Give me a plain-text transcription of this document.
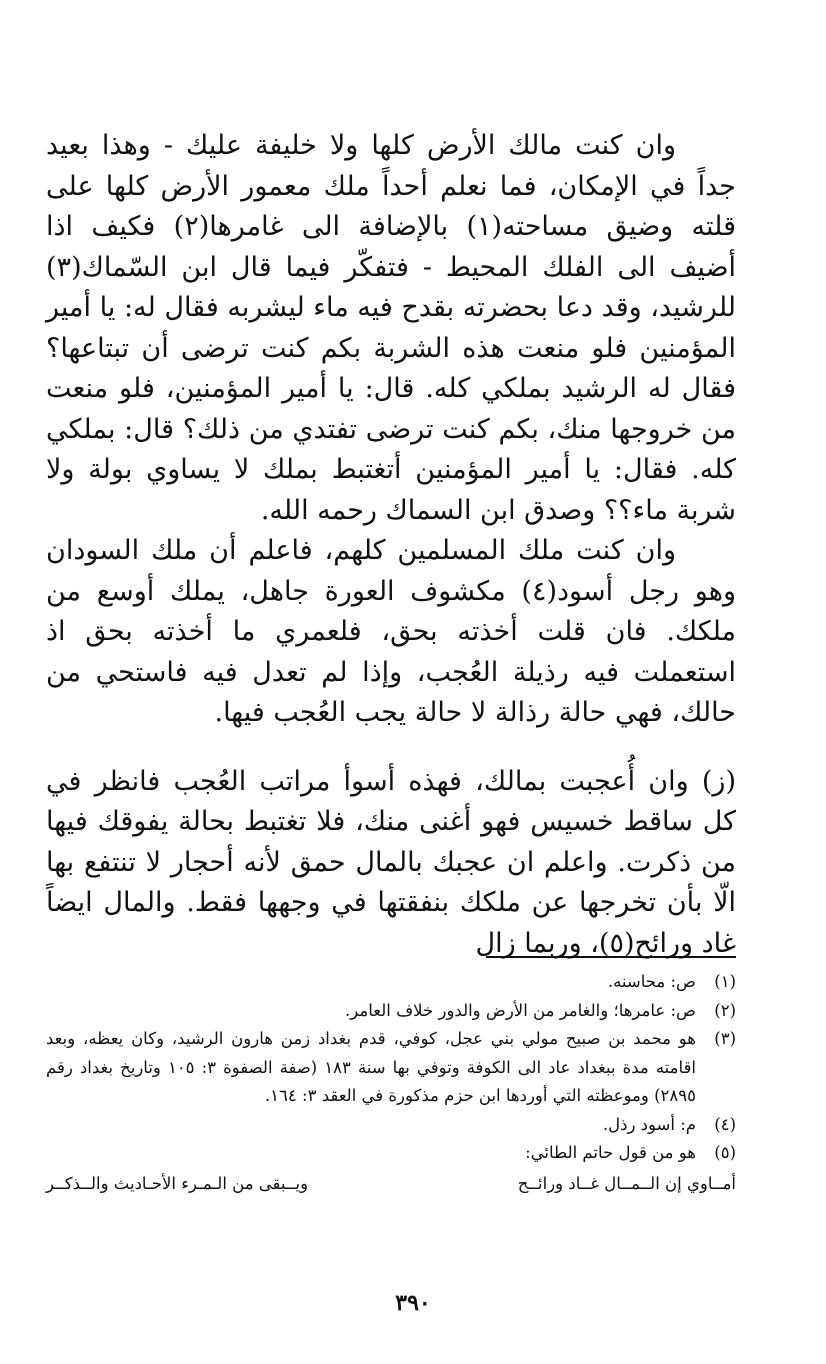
وان كنت مالك الأرض كلها ولا خليفة عليك - وهذا بعيد جداً في الإمكان، فما نعلم أحداً ملك معمور الأرض كلها على قلته وضيق مساحته(١) بالإضافة الى غامرها(٢) فكيف اذا أضيف الى الفلك المحيط - فتفكّر فيما قال ابن السّماك(٣) للرشيد، وقد دعا بحضرته بقدح فيه ماء ليشربه فقال له: يا أمير المؤمنين فلو منعت هذه الشربة بكم كنت ترضى أن تبتاعها؟ فقال له الرشيد بملكي كله. قال: يا أمير المؤمنين، فلو منعت من خروجها منك، بكم كنت ترضى تفتدي من ذلك؟ قال: بملكي كله. فقال: يا أمير المؤمنين أتغتبط بملك لا يساوي بولة ولا شربة ماء؟؟ وصدق ابن السماك رحمه الله.

وان كنت ملك المسلمين كلهم، فاعلم أن ملك السودان وهو رجل أسود(٤) مكشوف العورة جاهل، يملك أوسع من ملكك. فان قلت أخذته بحق، فلعمري ما أخذته بحق اذ استعملت فيه رذيلة العُجب، وإذا لم تعدل فيه فاستحي من حالك، فهي حالة رذالة لا حالة يجب العُجب فيها.

(ز) وان أُعجبت بمالك، فهذه أسوأ مراتب العُجب فانظر في كل ساقط خسيس فهو أغنى منك، فلا تغتبط بحالة يفوقك فيها من ذكرت. واعلم ان عجبك بالمال حمق لأنه أحجار لا تنتفع بها الّا بأن تخرجها عن ملكك بنفقتها في وجهها فقط. والمال ايضاً غاد ورائح(٥)، وربما زال

(١)
ص: محاسنه.
(٢)
ص: عامرها؛ والغامر من الأرض والدور خلاف العامر.
(٣)
هو محمد بن صبيح مولي بني عجل، كوفي، قدم بغداد زمن هارون الرشيد، وكان يعظه، وبعد اقامته مدة ببغداد عاد الى الكوفة وتوفي بها سنة ١٨٣ (صفة الصفوة ٣: ١٠٥ وتاريخ بغداد رقم ٢٨٩٥) وموعظته التي أوردها ابن حزم مذكورة في العقد ٣: ١٦٤.
(٤)
م: أسود رذل.
(٥)
هو من قول حاتم الطائي:
أمــاوي إن الــمــال غــاد ورائــح
ويــبقى من الـمـرء الأحـاديث والــذكــر
٣٩٠
